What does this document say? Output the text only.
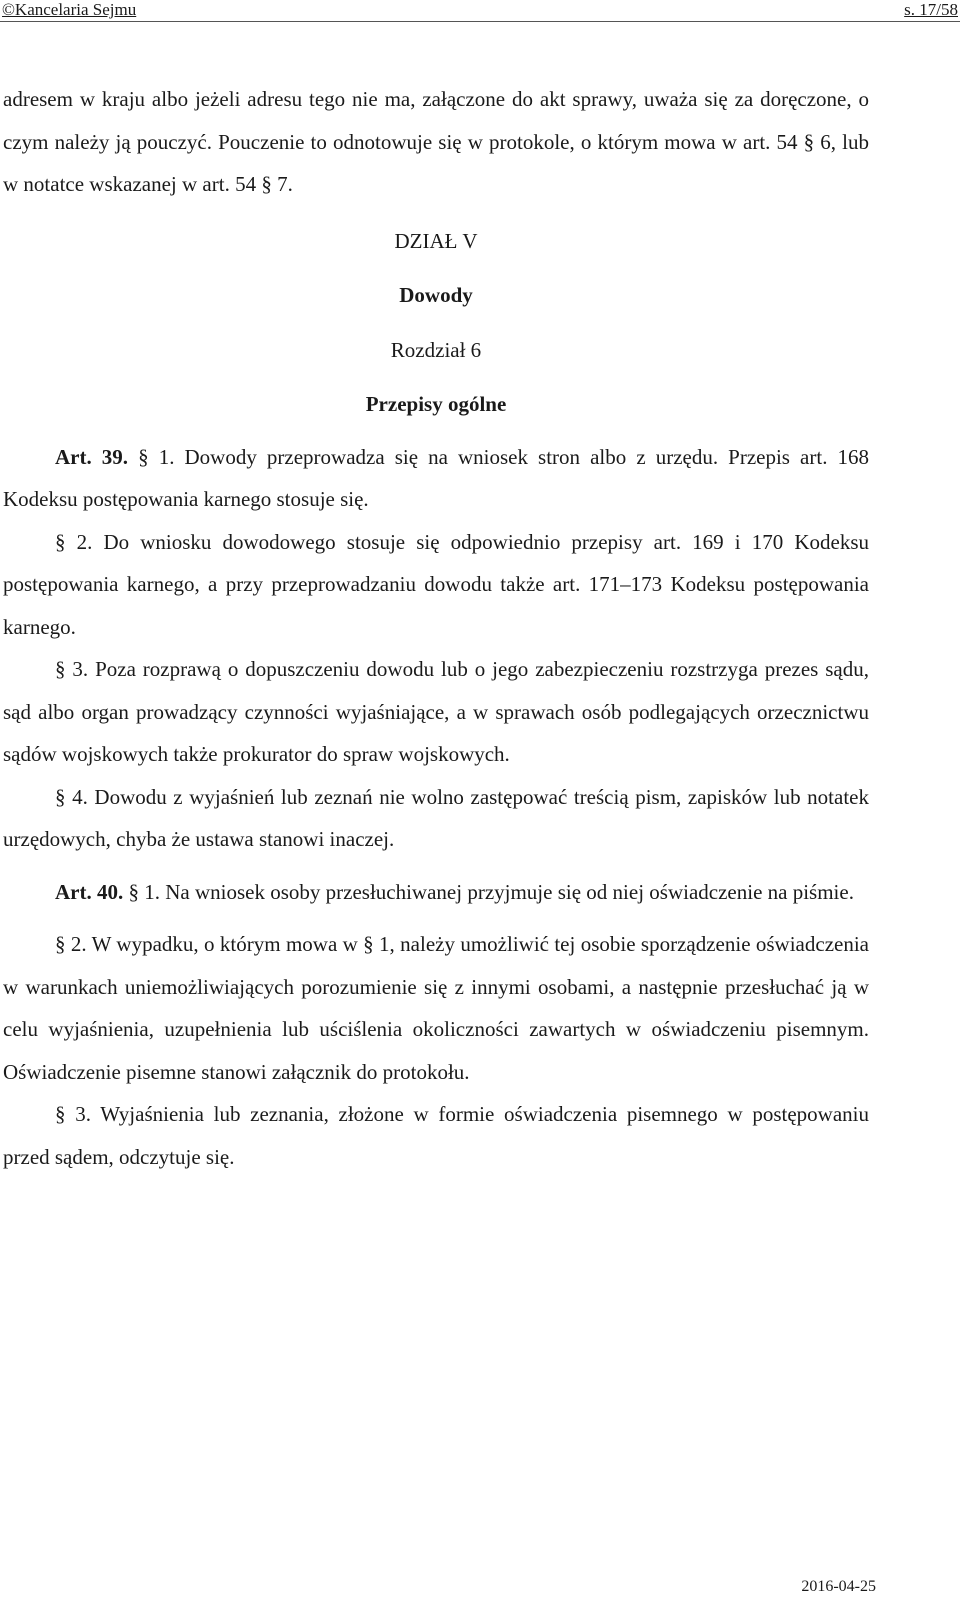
©Kancelaria Sejmu	s. 17/58

adresem w kraju albo jeżeli adresu tego nie ma, załączone do akt sprawy, uważa się za doręczone, o czym należy ją pouczyć. Pouczenie to odnotowuje się w protokole, o którym mowa w art. 54 § 6, lub w notatce wskazanej w art. 54 § 7.

DZIAŁ V

Dowody

Rozdział 6

Przepisy ogólne

Art. 39. § 1. Dowody przeprowadza się na wniosek stron albo z urzędu. Przepis art. 168 Kodeksu postępowania karnego stosuje się.

§ 2. Do wniosku dowodowego stosuje się odpowiednio przepisy art. 169 i 170 Kodeksu postępowania karnego, a przy przeprowadzaniu dowodu także art. 171–173 Kodeksu postępowania karnego.

§ 3. Poza rozprawą o dopuszczeniu dowodu lub o jego zabezpieczeniu rozstrzyga prezes sądu, sąd albo organ prowadzący czynności wyjaśniające, a w sprawach osób podlegających orzecznictwu sądów wojskowych także prokurator do spraw wojskowych.

§ 4. Dowodu z wyjaśnień lub zeznań nie wolno zastępować treścią pism, zapisków lub notatek urzędowych, chyba że ustawa stanowi inaczej.

Art. 40. § 1. Na wniosek osoby przesłuchiwanej przyjmuje się od niej oświadczenie na piśmie.

§ 2. W wypadku, o którym mowa w § 1, należy umożliwić tej osobie sporządzenie oświadczenia w warunkach uniemożliwiających porozumienie się z innymi osobami, a następnie przesłuchać ją w celu wyjaśnienia, uzupełnienia lub uściślenia okoliczności zawartych w oświadczeniu pisemnym. Oświadczenie pisemne stanowi załącznik do protokołu.

§ 3. Wyjaśnienia lub zeznania, złożone w formie oświadczenia pisemnego w postępowaniu przed sądem, odczytuje się.

2016-04-25
